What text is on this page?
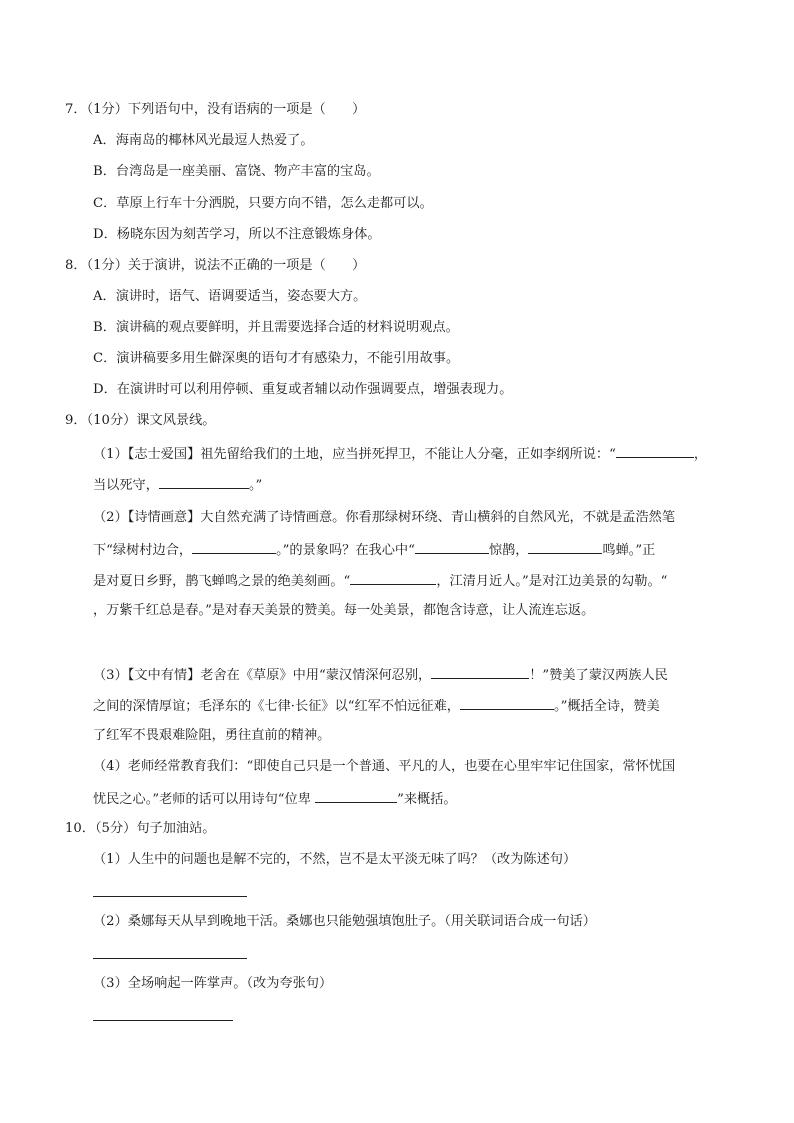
7．（1分）下列语句中，没有语病的一项是（　　）
A．海南岛的椰林风光最逗人热爱了。
B．台湾岛是一座美丽、富饶、物产丰富的宝岛。
C．草原上行车十分洒脱，只要方向不错，怎么走都可以。
D．杨晓东因为刻苦学习，所以不注意锻炼身体。
8．（1分）关于演讲，说法不正确的一项是（　　）
A．演讲时，语气、语调要适当，姿态要大方。
B．演讲稿的观点要鲜明，并且需要选择合适的材料说明观点。
C．演讲稿要多用生僻深奥的语句才有感染力，不能引用故事。
D．在演讲时可以利用停顿、重复或者辅以动作强调要点，增强表现力。
9．（10分）课文风景线。
（1）【志士爱国】祖先留给我们的土地，应当拼死捍卫，不能让人分毫，正如李纲所说：“	，
当以死守，	。”
（2）【诗情画意】大自然充满了诗情画意。你看那绿树环绕、青山横斜的自然风光，不就是孟浩然笔
下“绿树村边合，	。”的景象吗？在我心中“	惊鹊，	鸣蝉。”正
是对夏日乡野，鹊飞蝉鸣之景的绝美刻画。“	，江清月近人。”是对江边美景的勾勒。“
，万紫千红总是春。”是对春天美景的赞美。每一处美景，都饱含诗意，让人流连忘返。
（3）【文中有情】老舍在《草原》中用“蒙汉情深何忍别，	！”赞美了蒙汉两族人民
之间的深情厚谊；毛泽东的《七律·长征》以“红军不怕远征难，	。”概括全诗，赞美
了红军不畏艰难险阻，勇往直前的精神。
（4）老师经常教育我们：“即使自己只是一个普通、平凡的人，也要在心里牢牢记住国家，常怀忧国
忧民之心。”老师的话可以用诗句“位卑	”来概括。
10．（5分）句子加油站。
（1）人生中的问题也是解不完的，不然，岂不是太平淡无味了吗？（改为陈述句）
（2）桑娜每天从早到晚地干活。桑娜也只能勉强填饱肚子。（用关联词语合成一句话）
（3）全场响起一阵掌声。（改为夸张句）
